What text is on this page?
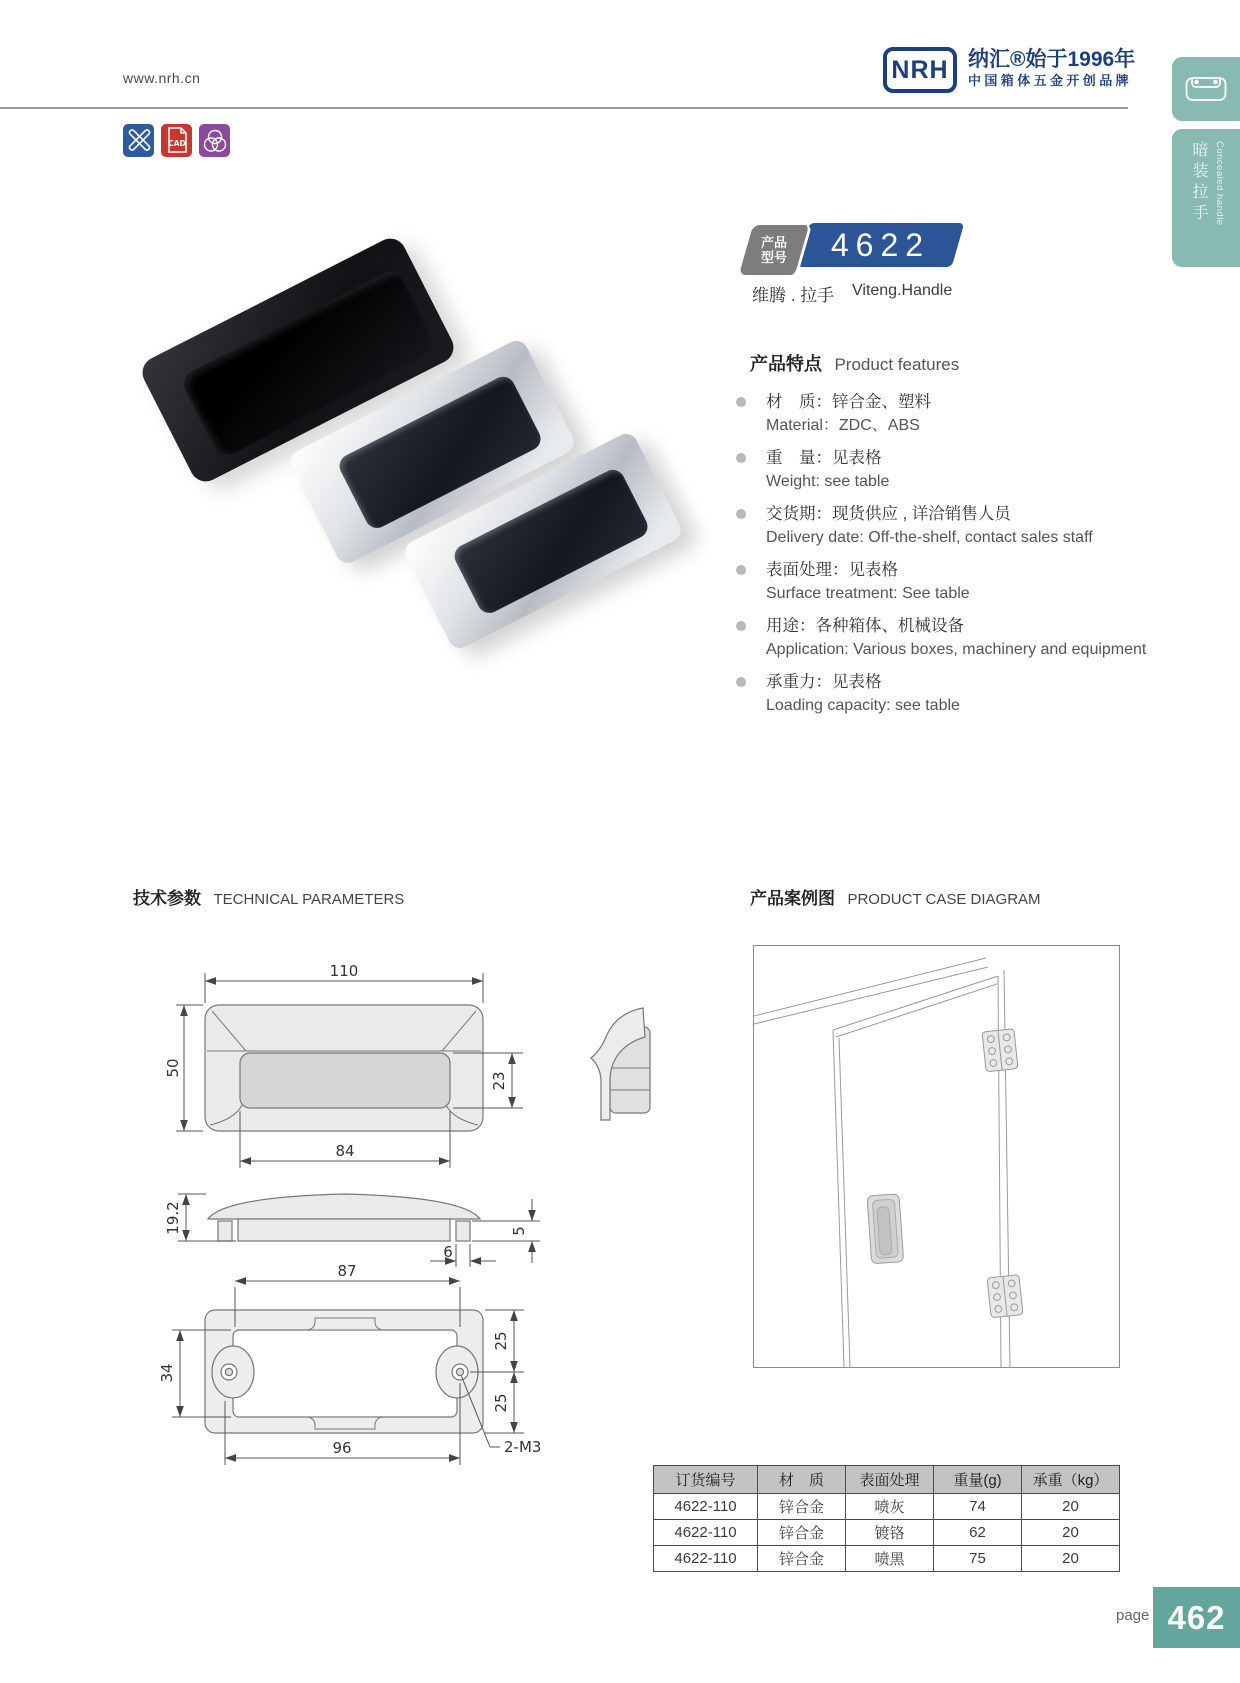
www.nrh.cn
CAD
NRH 纳汇®始于1996年
中国箱体五金开创品牌
暗装拉手 Concealed handle
产品
型号 4622
维腾 . 拉手 Viteng.Handle
产品特点 Product features
材　质：锌合金、塑料
Material：ZDC、ABS
重　量：见表格
Weight: see table
交货期：现货供应 , 详洽销售人员
Delivery date: Off-the-shelf, contact sales staff
表面处理：见表格
Surface treatment: See table
用途：各种箱体、机械设备
Application: Various boxes, machinery and equipment
承重力：见表格
Loading capacity: see table
技术参数 TECHNICAL PARAMETERS	产品案例图 PRODUCT CASE DIAGRAM
110
50
84
23
19.2	5
6
87
34
25
25
96	2-M3
订货编号	材　质	表面处理	重量(g)	承重（kg）
4622-110	锌合金	喷灰	74	20
4622-110	锌合金	镀铬	62	20
4622-110	锌合金	喷黑	75	20
page 462
